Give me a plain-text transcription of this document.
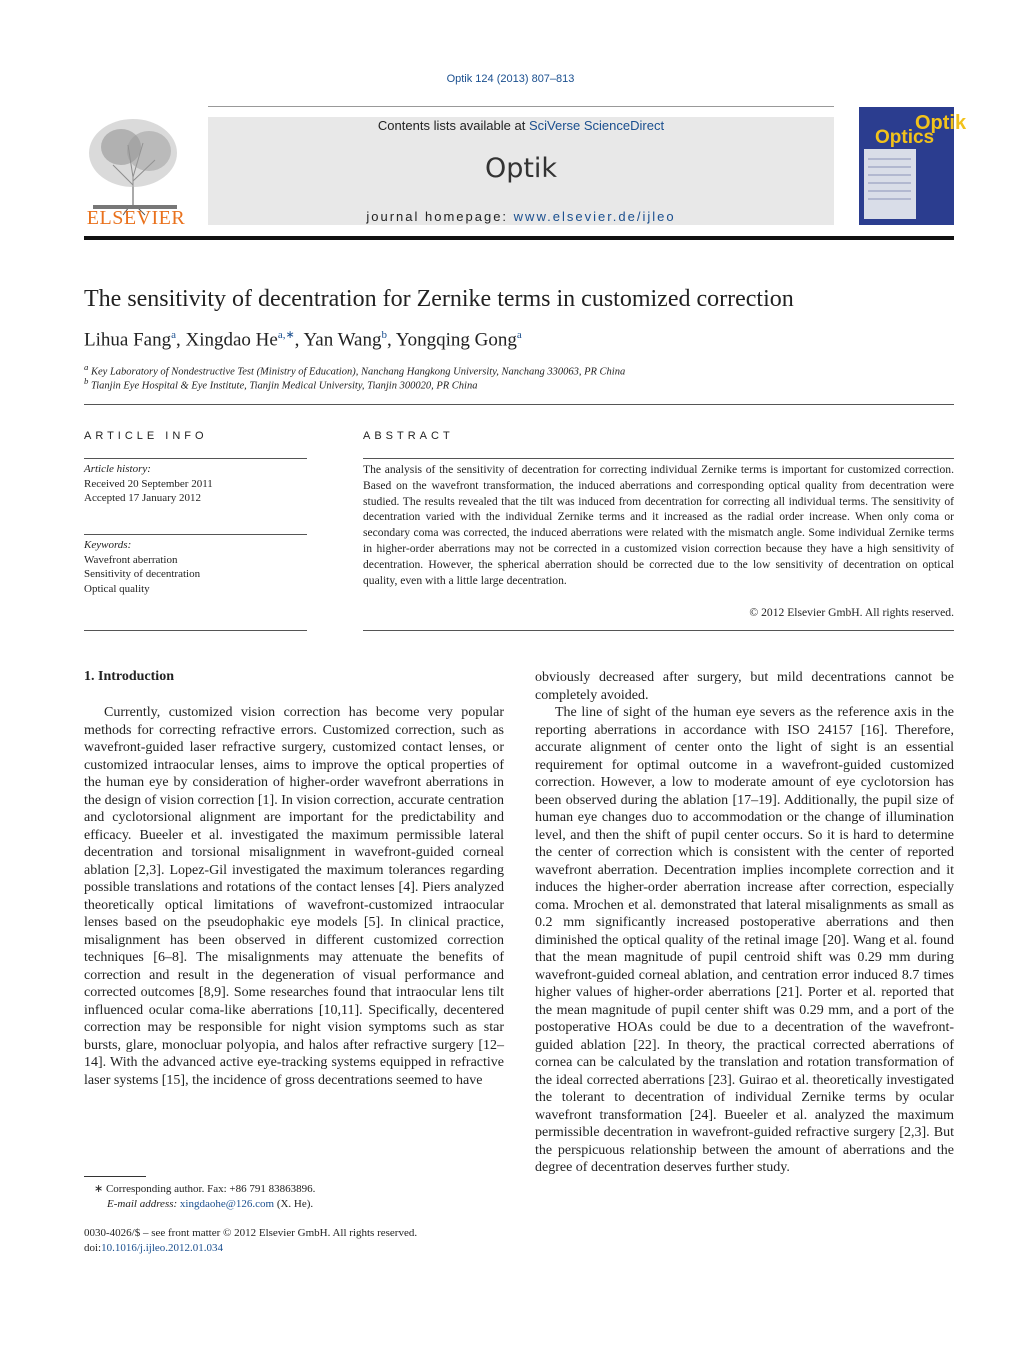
Optik 124 (2013) 807–813
ELSEVIER
Contents lists available at SciVerse ScienceDirect
Optik
journal homepage: www.elsevier.de/ijleo
Optik
Optics
The sensitivity of decentration for Zernike terms in customized correction
Lihua Fang$^a$, Xingdao $He^{a,∗}$, Yan Wang$^b$, Yongqing Gong$^a$
$^a$ Key Laboratory of Nondestructive Test (Ministry of Education), Nanchang Hangkong University, Nanchang 330063, PR China
$^b$ Tianjin Eye Hospital & Eye Institute, Tianjin Medical University, Tianjin 300020, PR China
ARTICLE INFO
Article history:
Received 20 September 2011
Accepted 17 January 2012
Keywords:
Wavefront aberration
Sensitivity of decentration
Optical quality
ABSTRACT
The analysis of the sensitivity of decentration for correcting individual Zernike terms is important for customized correction. Based on the wavefront transformation, the induced aberrations and corresponding optical quality from decentration were studied. The results revealed that the tilt was induced from decentration for correcting all individual terms. The sensitivity of decentration varied with the individual Zernike terms and it increased as the radial order increase. When only coma or secondary coma was corrected, the induced aberrations were related with the mismatch angle. Some individual Zernike terms in higher-order aberrations may not be corrected in a customized vision correction because they have a high sensitivity of decentration. However, the spherical aberration should be corrected due to the low sensitivity of decentration on optical quality, even with a little large decentration.
© 2012 Elsevier GmbH. All rights reserved.
1. Introduction

Currently, customized vision correction has become very popular methods for correcting refractive errors. Customized correction, such as wavefront-guided laser refractive surgery, customized contact lenses, or customized intraocular lenses, aims to improve the optical properties of the human eye by consideration of higher-order wavefront aberrations in the design of vision correction [1]. In vision correction, accurate centration and cyclotorsional alignment are important for the predictability and efficacy. Bueeler et al. investigated the maximum permissible lateral decentration and torsional misalignment in wavefront-guided corneal ablation [2,3]. Lopez-Gil investigated the maximum tolerances regarding possible translations and rotations of the contact lenses [4]. Piers analyzed theoretically optical limitations of wavefront-customized intraocular lenses based on the pseudophakic eye models [5]. In clinical practice, misalignment has been observed in different customized correction techniques [6–8]. The misalignments may attenuate the benefits of correction and result in the degeneration of visual performance and corrected outcomes [8,9]. Some researches found that intraocular lens tilt influenced ocular coma-like aberrations [10,11]. Specifically, decentered correction may be responsible for night vision symptoms such as star bursts, glare, monocluar polyopia, and halos after refractive surgery [12–14]. With the advanced active eye-tracking systems equipped in refractive laser systems [15], the incidence of gross decentrations seemed to have

obviously decreased after surgery, but mild decentrations cannot be completely avoided.

The line of sight of the human eye severs as the reference axis in the reporting aberrations in accordance with ISO 24157 [16]. Therefore, accurate alignment of center onto the light of sight is an essential requirement for optimal outcome in a wavefront-guided customized correction. However, a low to moderate amount of eye cyclotorsion has been observed during the ablation [17–19]. Additionally, the pupil size of human eye changes duo to accommodation or the change of illumination level, and then the shift of pupil center occurs. So it is hard to determine the center of correction which is consistent with the center of reported wavefront aberration. Decentration implies incomplete correction and it induces the higher-order aberration increase after correction, especially coma. Mrochen et al. demonstrated that lateral misalignments as small as 0.2 mm significantly increased postoperative aberrations and then diminished the optical quality of the retinal image [20]. Wang et al. found that the mean magnitude of pupil centroid shift was 0.29 mm during wavefront-guided corneal ablation, and centration error induced 8.7 times higher values of higher-order aberrations [21]. Porter et al. reported that the mean magnitude of pupil center shift was 0.29 mm, and a port of the postoperative HOAs could be due to a decentration of the wavefront-guided ablation [22]. In theory, the practical corrected aberrations of cornea can be calculated by the translation and rotation transformation of the ideal corrected aberrations [23]. Guirao et al. theoretically investigated the tolerant to decentration of individual Zernike terms by ocular wavefront transformation [24]. Bueeler et al. analyzed the maximum permissible decentration in wavefront-guided refractive surgery [2,3]. But the perspicuous relationship between the amount of aberrations and the degree of decentration deserves further study.

∗ Corresponding author. Fax: +86 791 83863896.
E-mail address: xingdaohe@126.com (X. He).
0030-4026/$ – see front matter © 2012 Elsevier GmbH. All rights reserved.
doi:10.1016/j.ijleo.2012.01.034
